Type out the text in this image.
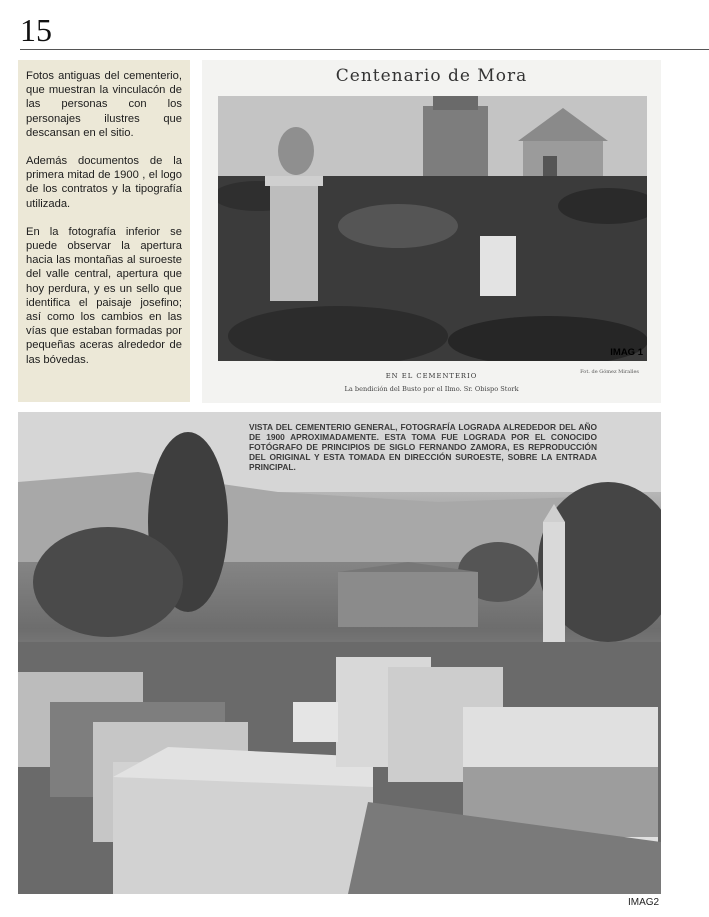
15

Fotos antiguas del cementerio, que muestran la vinculacón de las personas con los personajes ilustres que descansan en el sitio.

Además documentos de la primera mitad de 1900 , el logo de los contratos y la tipografía utilizada.

En la fotografía inferior se puede observar la apertura hacia las montañas al suroeste del valle central, apertura que hoy perdura, y es un sello que identifica el paisaje josefino; así como los cambios en las vías que estaban formadas por pequeñas aceras alrededor de las bóvedas.

Centenario de Mora
IMAG 1
Fot. de Gómez Miralles
EN EL CEMENTERIO
La bendición del Busto por el Ilmo. Sr. Obispo Stork
VISTA DEL CEMENTERIO GENERAL, FOTOGRAFÍA LOGRADA ALREDEDOR DEL AÑO DE 1900 APROXIMADAMENTE. ESTA TOMA FUE LOGRADA POR EL CONOCIDO FOTÓGRAFO DE PRINCIPIOS DE SIGLO FERNANDO ZAMORA, ES REPRODUCCIÓN DEL ORIGINAL Y ESTA TOMADA EN DIRECCIÓN SUROESTE, SOBRE LA ENTRADA PRINCIPAL.
IMAG2
